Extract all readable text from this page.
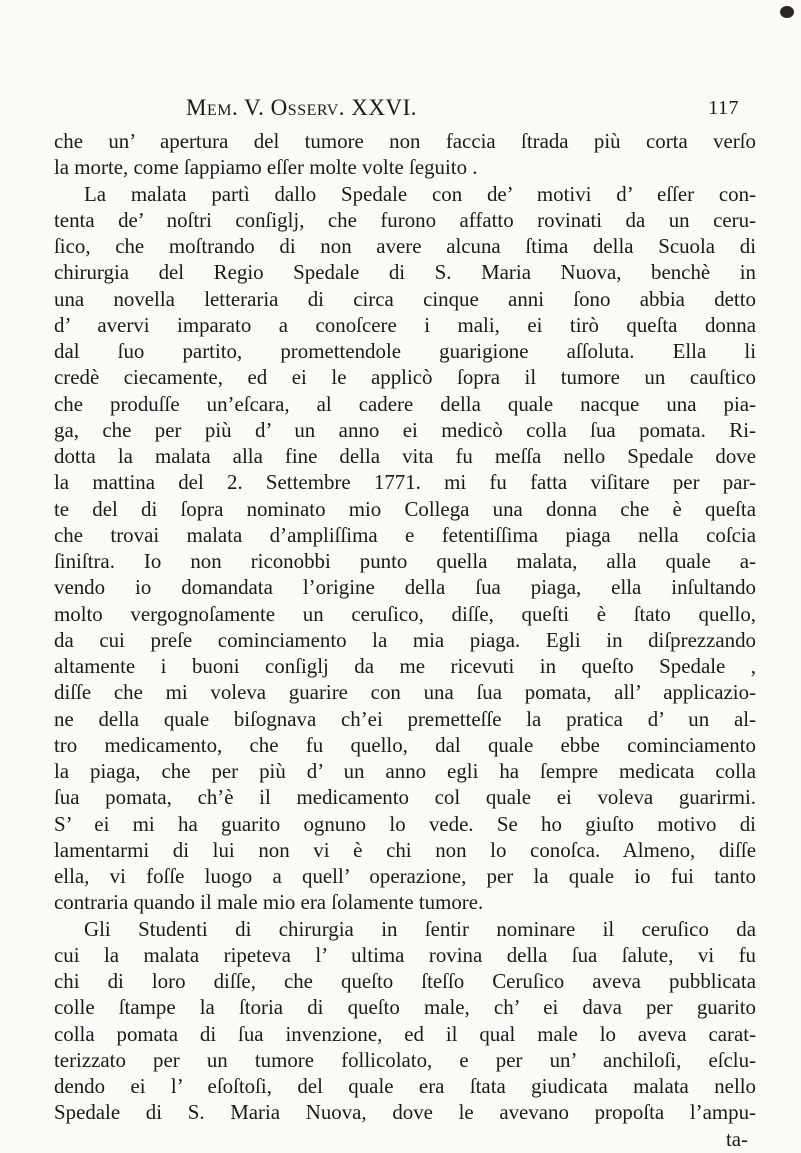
Mem. V. Osserv. XXVI.	117
che un’ apertura del tumore non faccia ſtrada più corta verſo
la morte, come ſappiamo eſſer molte volte ſeguito .
La malata partì dallo Spedale con de’ motivi d’ eſſer con-
tenta de’ noſtri conſiglj, che furono affatto rovinati da un ceru-
ſico, che moſtrando di non avere alcuna ſtima della Scuola di
chirurgia del Regio Spedale di S. Maria Nuova, benchè in
una novella letteraria di circa cinque anni ſono abbia detto
d’ avervi imparato a conoſcere i mali, ei tirò queſta donna
dal ſuo partito, promettendole guarigione aſſoluta. Ella li
credè ciecamente, ed ei le applicò ſopra il tumore un cauſtico
che produſſe un’eſcara, al cadere della quale nacque una pia-
ga, che per più d’ un anno ei medicò colla ſua pomata. Ri-
dotta la malata alla fine della vita fu meſſa nello Spedale dove
la mattina del 2. Settembre 1771. mi fu fatta viſitare per par-
te del di ſopra nominato mio Collega una donna che è queſta
che trovai malata d’ampliſſima e fetentiſſima piaga nella coſcia
ſiniſtra. Io non riconobbi punto quella malata, alla quale a-
vendo io domandata l’origine della ſua piaga, ella inſultando
molto vergognoſamente un ceruſico, diſſe, queſti è ſtato quello,
da cui preſe cominciamento la mia piaga. Egli in diſprezzando
altamente i buoni conſiglj da me ricevuti in queſto Spedale ,
diſſe che mi voleva guarire con una ſua pomata, all’ applicazio-
ne della quale biſognava ch’ei premetteſſe la pratica d’ un al-
tro medicamento, che fu quello, dal quale ebbe cominciamento
la piaga, che per più d’ un anno egli ha ſempre medicata colla
ſua pomata, ch’è il medicamento col quale ei voleva guarirmi.
S’ ei mi ha guarito ognuno lo vede. Se ho giuſto motivo di
lamentarmi di lui non vi è chi non lo conoſca. Almeno, diſſe
ella, vi foſſe luogo a quell’ operazione, per la quale io fui tanto
contraria quando il male mio era ſolamente tumore.
Gli Studenti di chirurgia in ſentir nominare il ceruſico da
cui la malata ripeteva l’ ultima rovina della ſua ſalute, vi fu
chi di loro diſſe, che queſto ſteſſo Ceruſico aveva pubblicata
colle ſtampe la ſtoria di queſto male, ch’ ei dava per guarito
colla pomata di ſua invenzione, ed il qual male lo aveva carat-
terizzato per un tumore follicolato, e per un’ anchiloſi, eſclu-
dendo ei l’ eſoſtoſi, del quale era ſtata giudicata malata nello
Spedale di S. Maria Nuova, dove le avevano propoſta l’ampu-
ta-
